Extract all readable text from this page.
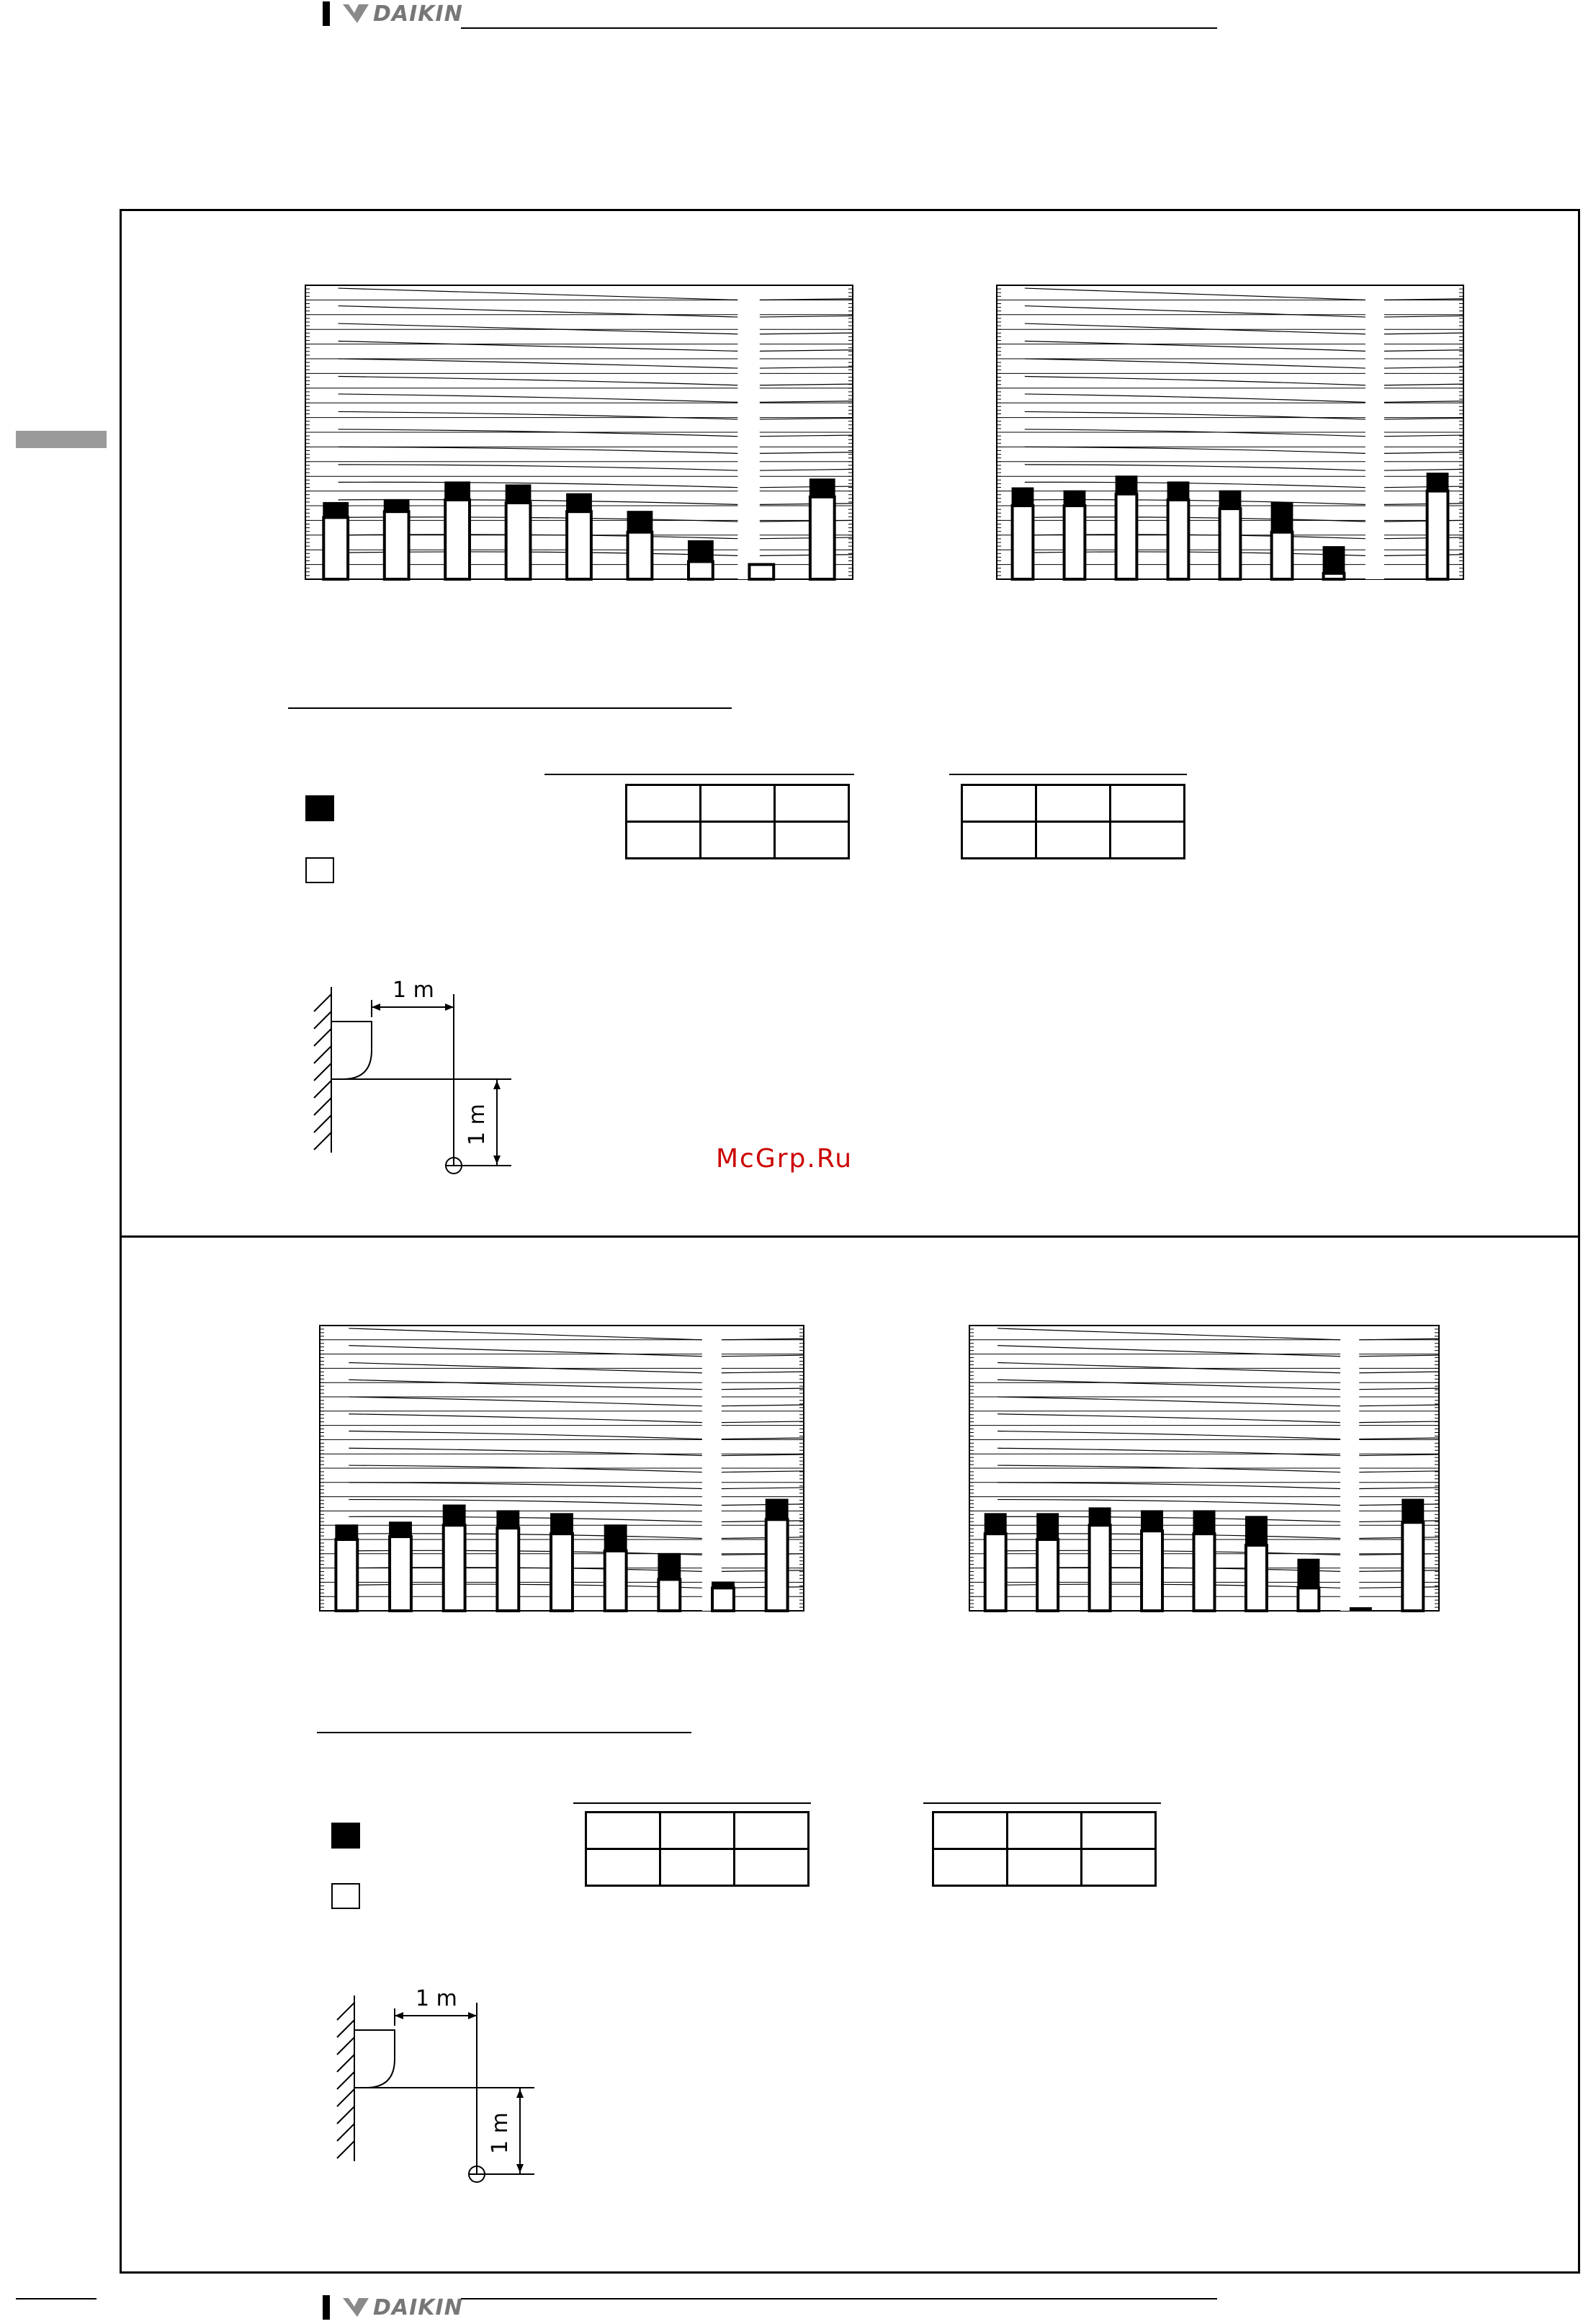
DAIKIN

1 m
1 m
McGrp.Ru

1 m
1 m
DAIKIN
